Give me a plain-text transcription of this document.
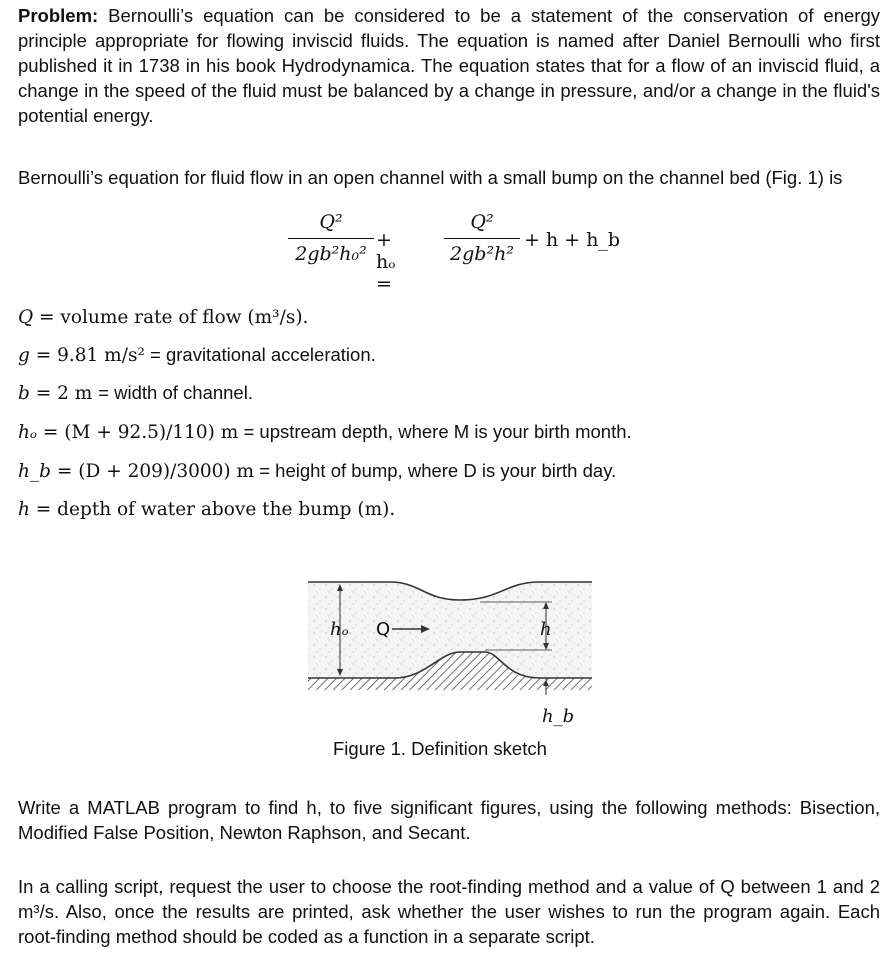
Problem: Bernoulli’s equation can be considered to be a statement of the conservation of energy principle appropriate for flowing inviscid fluids. The equation is named after Daniel Bernoulli who first published it in 1738 in his book Hydrodynamica. The equation states that for a flow of an inviscid fluid, a change in the speed of the fluid must be balanced by a change in pressure, and/or a change in the fluid's potential energy.

Bernoulli’s equation for fluid flow in an open channel with a small bump on the channel bed (Fig. 1) is

Q²
2gb²h₀²
+ hₒ =
Q²
2gb²h²
+ h + h_b
Q = volume rate of flow (m³/s).
g = 9.81 m/s² = gravitational acceleration.
b = 2 m = width of channel.
hₒ = (M + 92.5)/110) m = upstream depth, where M is your birth month.
h_b = (D + 209)/3000) m = height of bump, where D is your birth day.
h = depth of water above the bump (m).
hₒ Q	h
h_b
Figure 1. Definition sketch

Write a MATLAB program to find h, to five significant figures, using the following methods: Bisection, Modified False Position, Newton Raphson, and Secant.

In a calling script, request the user to choose the root-finding method and a value of Q between 1 and 2 m³/s. Also, once the results are printed, ask whether the user wishes to run the program again. Each root-finding method should be coded as a function in a separate script.
